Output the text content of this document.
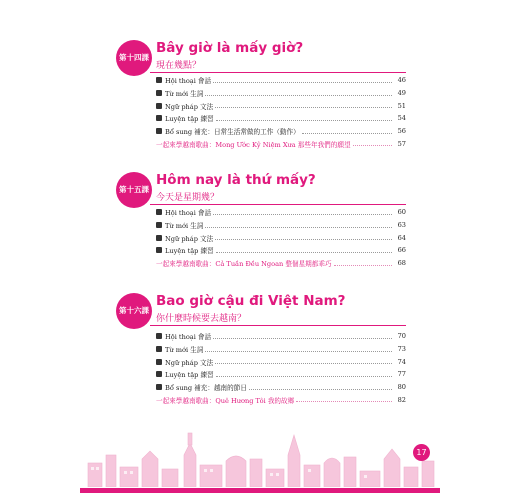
第十四課
Bây giờ là mấy giờ?
現在幾點？
Hội thoại 會話	46
Từ mới 生詞	49
Ngữ pháp 文法	51
Luyện tập 練習	54
Bổ sung 補充：日常生活常做的工作（動作）	56
一起來學越南歌曲：Mong Ước Kỷ Niệm Xưa 那些年我們的願望	57
第十五課
Hôm nay là thứ mấy?
今天是星期幾？
Hội thoại 會話	60
Từ mới 生詞	63
Ngữ pháp 文法	64
Luyện tập 練習	66
一起來學越南歌曲：Cả Tuần Đều Ngoan 整個星期都乖巧	68
第十六課
Bao giờ cậu đi Việt Nam?
你什麼時候要去越南？
Hội thoại 會話	70
Từ mới 生詞	73
Ngữ pháp 文法	74
Luyện tập 練習	77
Bổ sung 補充：越南的節日	80
一起來學越南歌曲：Quê Hương Tôi 我的故鄉	82
17
